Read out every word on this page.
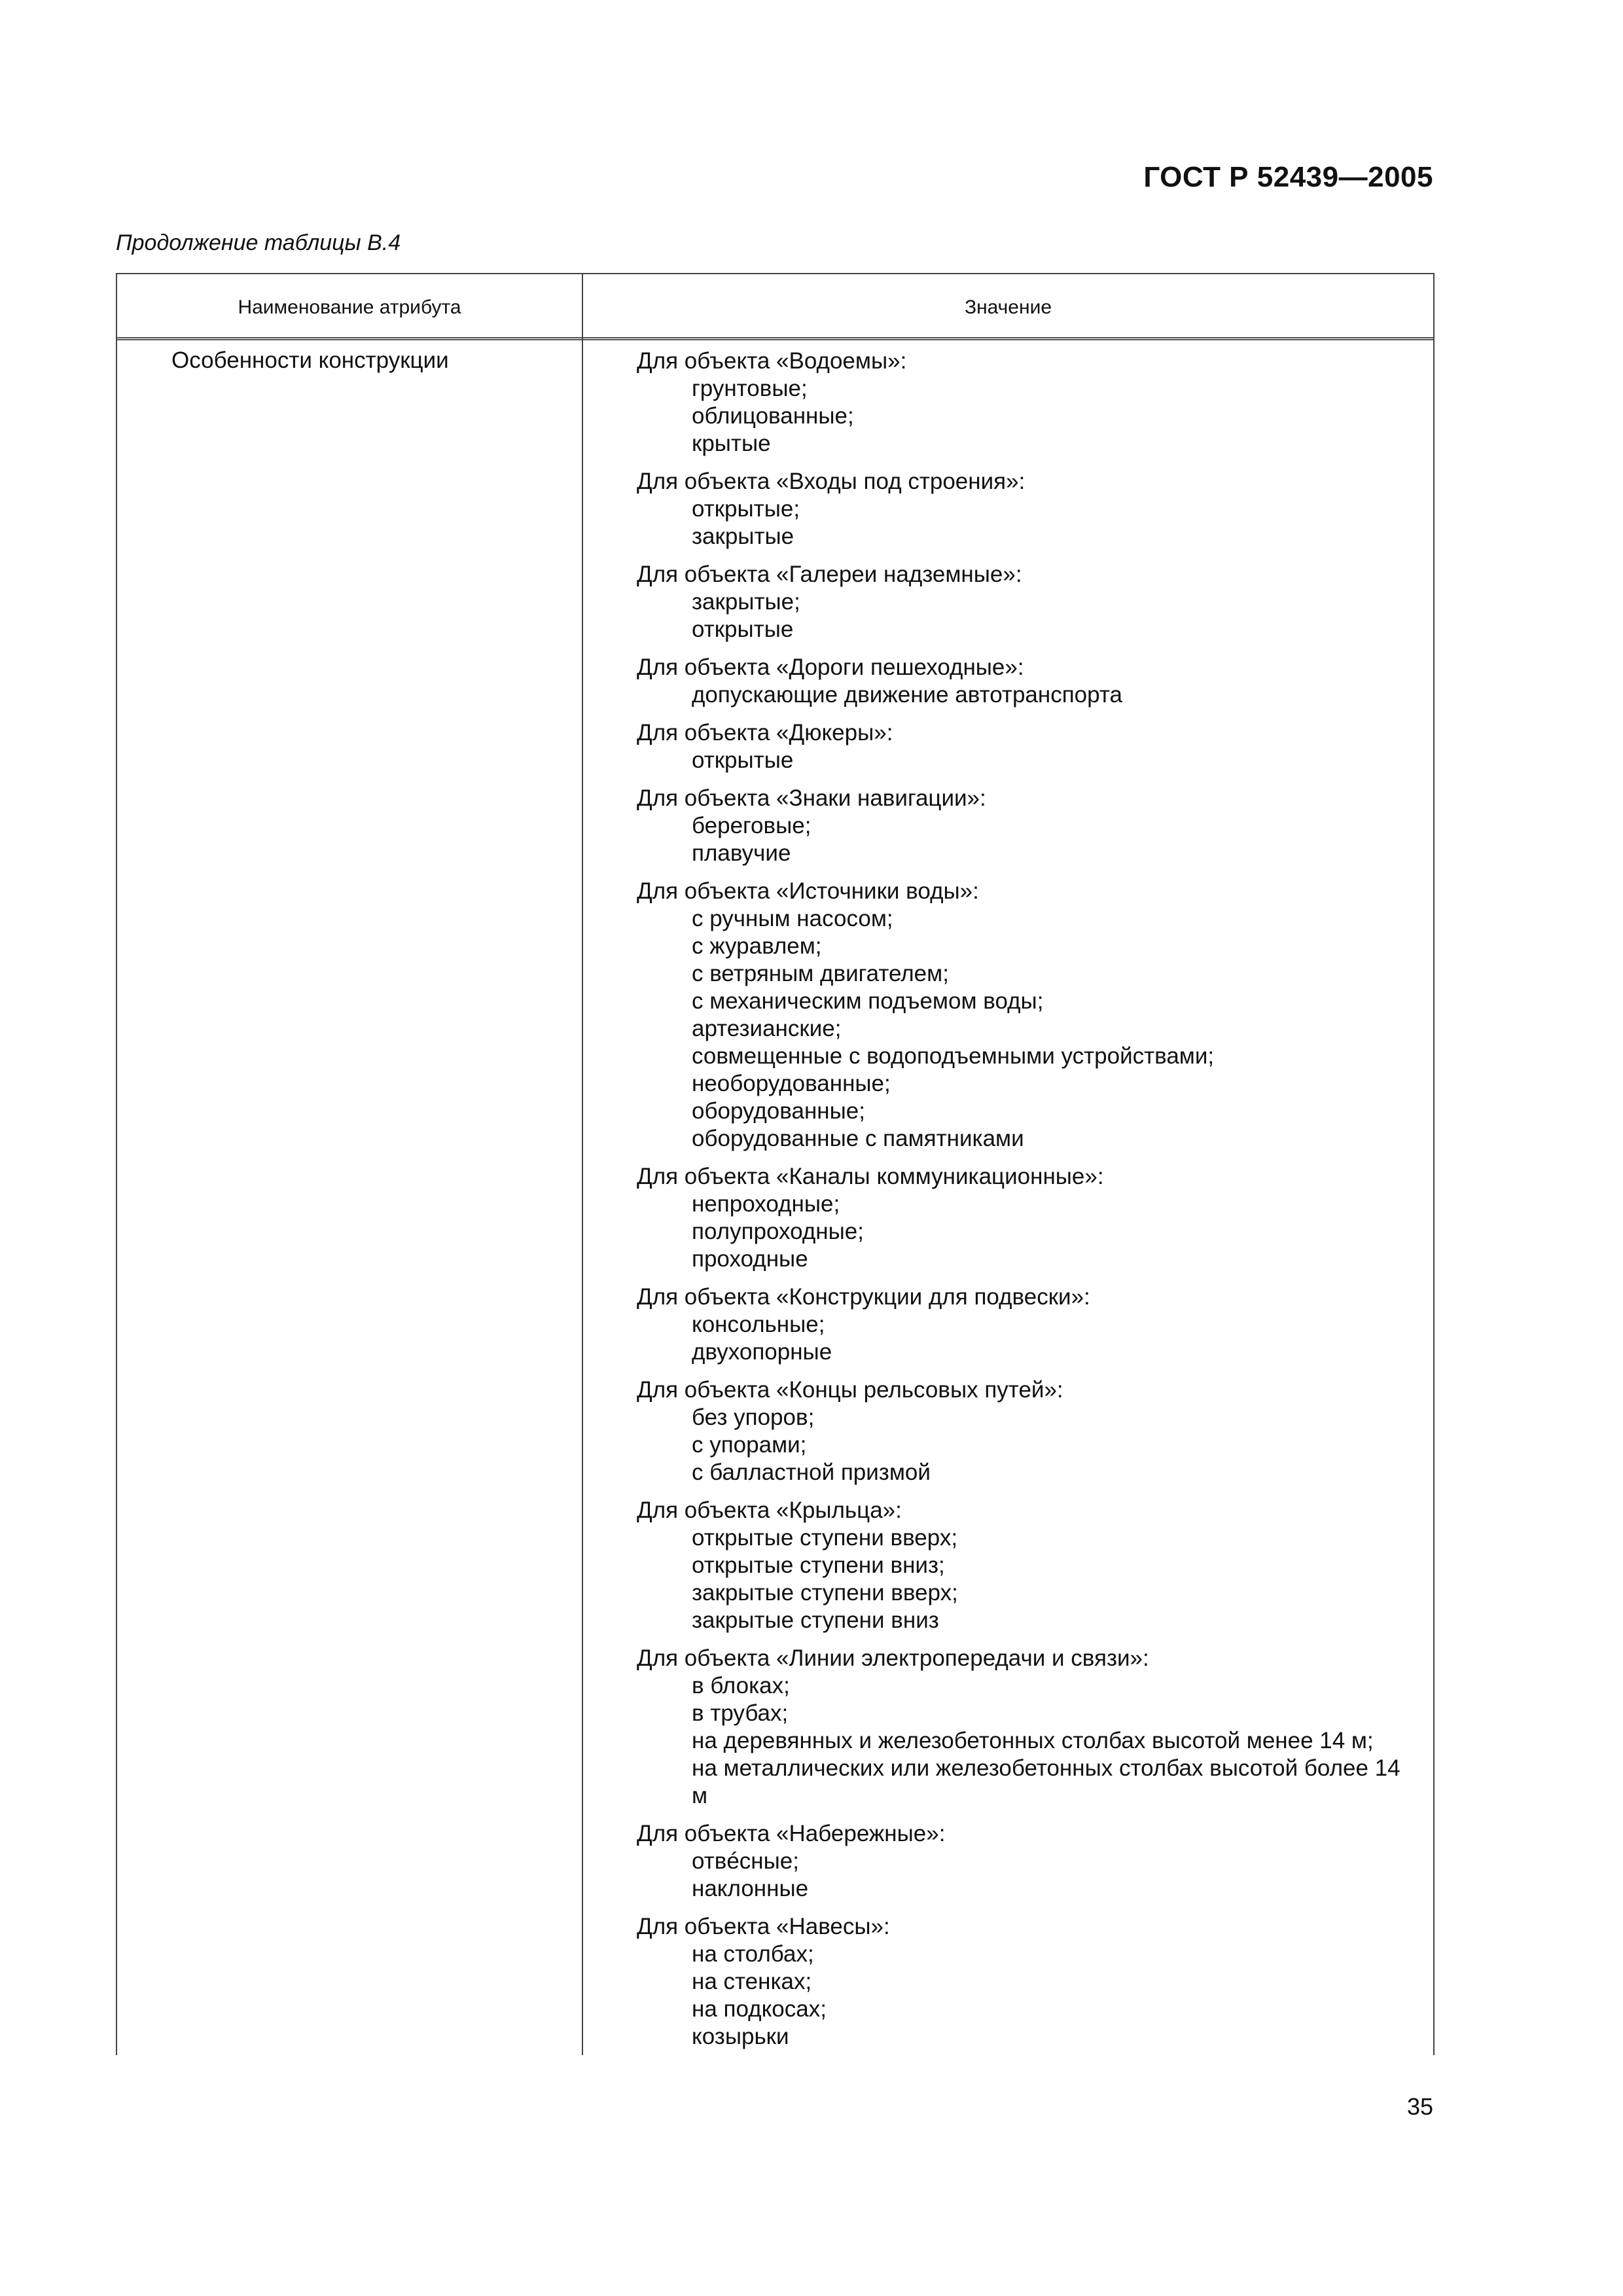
ГОСТ Р 52439—2005
Продолжение таблицы В.4
Наименование атрибута	Значение
Особенности конструкции	Для объекта «Водоемы»:
грунтовые;
облицованные;
крытые
Для объекта «Входы под строения»:
открытые;
закрытые
Для объекта «Галереи надземные»:
закрытые;
открытые
Для объекта «Дороги пешеходные»:
допускающие движение автотранспорта
Для объекта «Дюкеры»:
открытые
Для объекта «Знаки навигации»:
береговые;
плавучие
Для объекта «Источники воды»:
с ручным насосом;
с журавлем;
с ветряным двигателем;
с механическим подъемом воды;
артезианские;
совмещенные с водоподъемными устройствами;
необорудованные;
оборудованные;
оборудованные с памятниками
Для объекта «Каналы коммуникационные»:
непроходные;
полупроходные;
проходные
Для объекта «Конструкции для подвески»:
консольные;
двухопорные
Для объекта «Концы рельсовых путей»:
без упоров;
с упорами;
с балластной призмой
Для объекта «Крыльца»:
открытые ступени вверх;
открытые ступени вниз;
закрытые ступени вверх;
закрытые ступени вниз
Для объекта «Линии электропередачи и связи»:
в блоках;
в трубах;
на деревянных и железобетонных столбах высотой менее 14 м;
на металлических или железобетонных столбах высотой более 14 м
Для объекта «Набережные»:
отвéсные;
наклонные
Для объекта «Навесы»:
на столбах;
на стенках;
на подкосах;
козырьки
35
